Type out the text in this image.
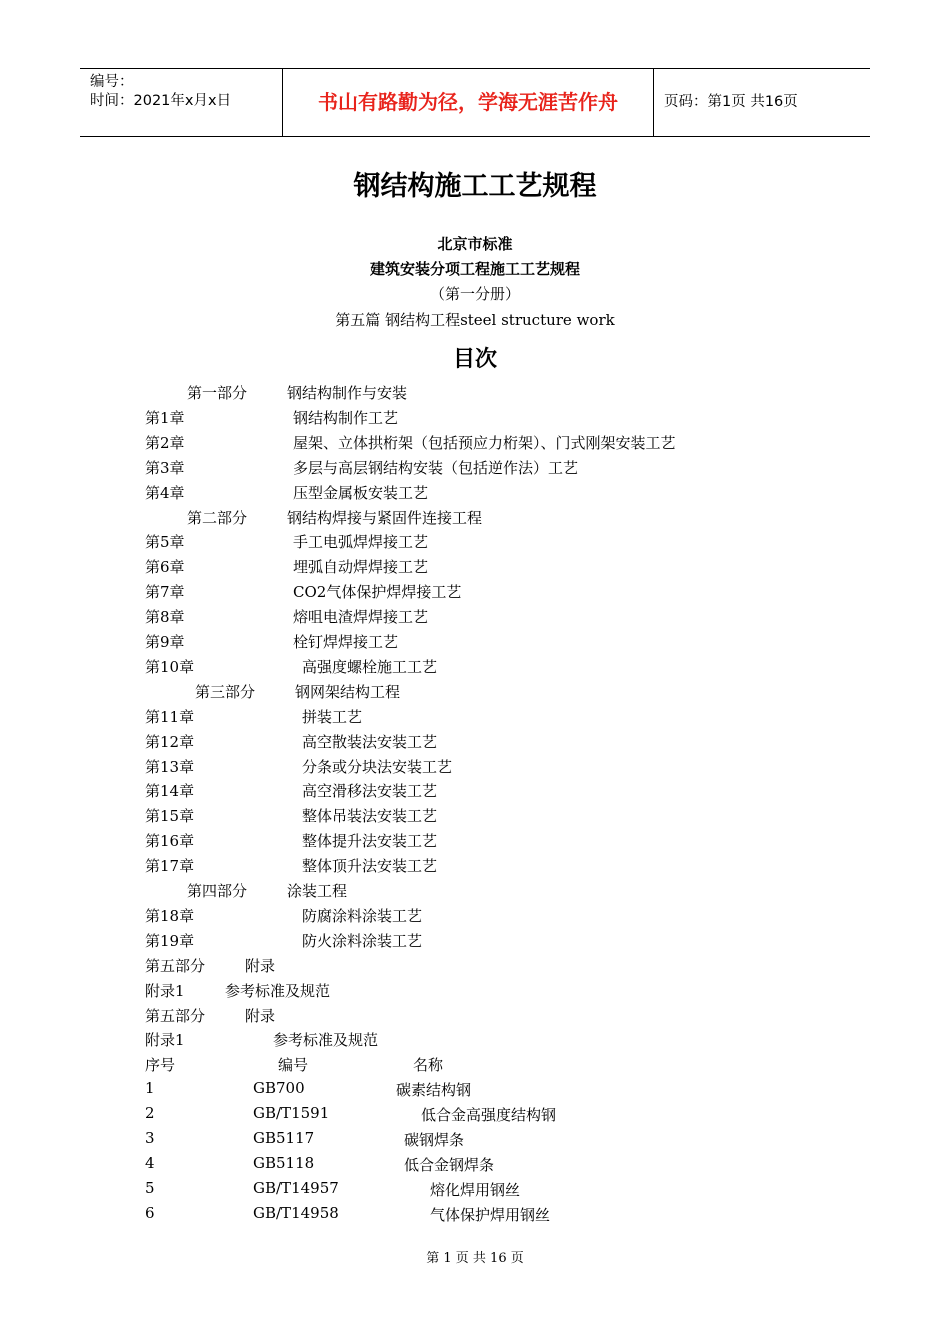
编号：
时间：2021年x月x日	书山有路勤为径，学海无涯苦作舟	页码：第1页 共16页
钢结构施工工艺规程
北京市标准
建筑安装分项工程施工工艺规程
（第一分册）
第五篇 钢结构工程steel structure work
目次
第一部分	钢结构制作与安装
第1章	钢结构制作工艺
第2章	屋架、立体拱桁架（包括预应力桁架）、门式刚架安装工艺
第3章	多层与高层钢结构安装（包括逆作法）工艺
第4章	压型金属板安装工艺
第二部分	钢结构焊接与紧固件连接工程
第5章	手工电弧焊焊接工艺
第6章	埋弧自动焊焊接工艺
第7章	CO2气体保护焊焊接工艺
第8章	熔咀电渣焊焊接工艺
第9章	栓钉焊焊接工艺
第10章	高强度螺栓施工工艺
第三部分	钢网架结构工程
第11章	拼装工艺
第12章	高空散装法安装工艺
第13章	分条或分块法安装工艺
第14章	高空滑移法安装工艺
第15章	整体吊装法安装工艺
第16章	整体提升法安装工艺
第17章	整体顶升法安装工艺
第四部分	涂装工程
第18章	防腐涂料涂装工艺
第19章	防火涂料涂装工艺
第五部分	附录
附录1	参考标准及规范
第五部分	附录
附录1	参考标准及规范
序号	编号	名称
1	GB700	碳素结构钢
2	GB/T1591	低合金高强度结构钢
3	GB5117	碳钢焊条
4	GB5118	低合金钢焊条
5	GB/T14957	熔化焊用钢丝
6	GB/T14958	气体保护焊用钢丝
第 1 页 共 16 页
